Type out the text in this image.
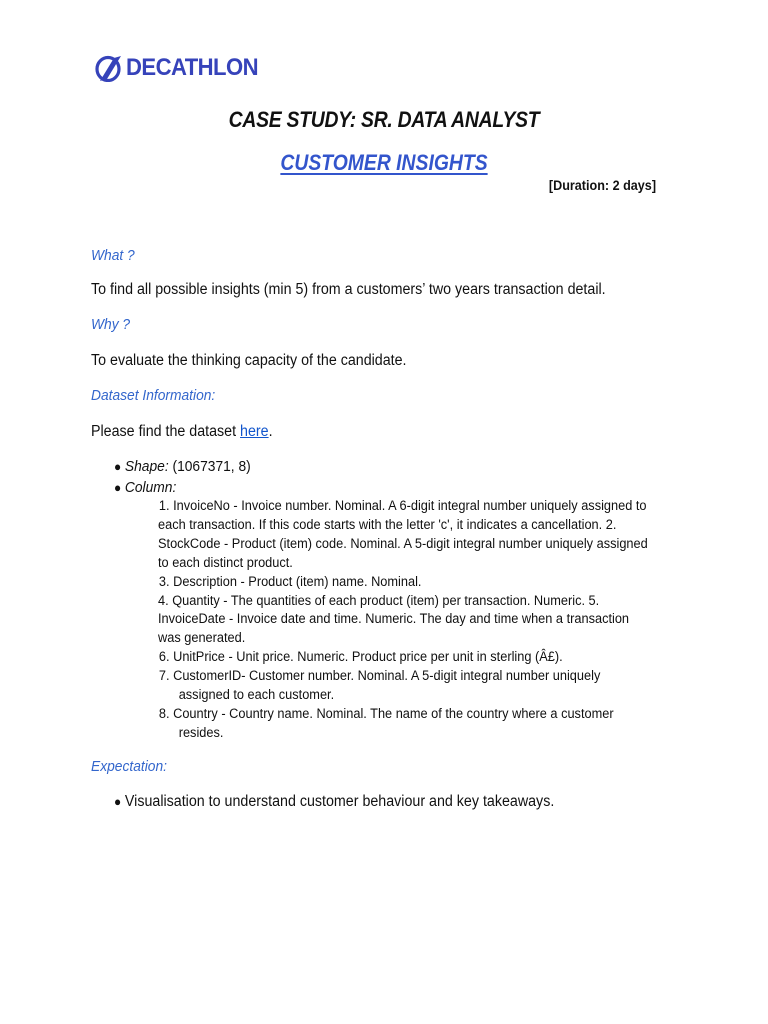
DECATHLON
CASE STUDY: SR. DATA ANALYST
CUSTOMER INSIGHTS
[Duration: 2 days]
What ?
To find all possible insights (min 5) from a customers’ two years transaction detail.
Why ?
To evaluate the thinking capacity of the candidate.
Dataset Information:
Please find the dataset here.
● Shape: (1067371, 8)
● Column:
1. InvoiceNo - Invoice number. Nominal. A 6-digit integral number uniquely assigned to
each transaction. If this code starts with the letter 'c', it indicates a cancellation. 2.
StockCode - Product (item) code. Nominal. A 5-digit integral number uniquely assigned
to each distinct product.
3. Description - Product (item) name. Nominal.
4. Quantity - The quantities of each product (item) per transaction. Numeric. 5.
InvoiceDate - Invoice date and time. Numeric. The day and time when a transaction
was generated.
6. UnitPrice - Unit price. Numeric. Product price per unit in sterling (Â£).
7. CustomerID- Customer number. Nominal. A 5-digit integral number uniquely
assigned to each customer.
8. Country - Country name. Nominal. The name of the country where a customer
resides.
Expectation:
● Visualisation to understand customer behaviour and key takeaways.
